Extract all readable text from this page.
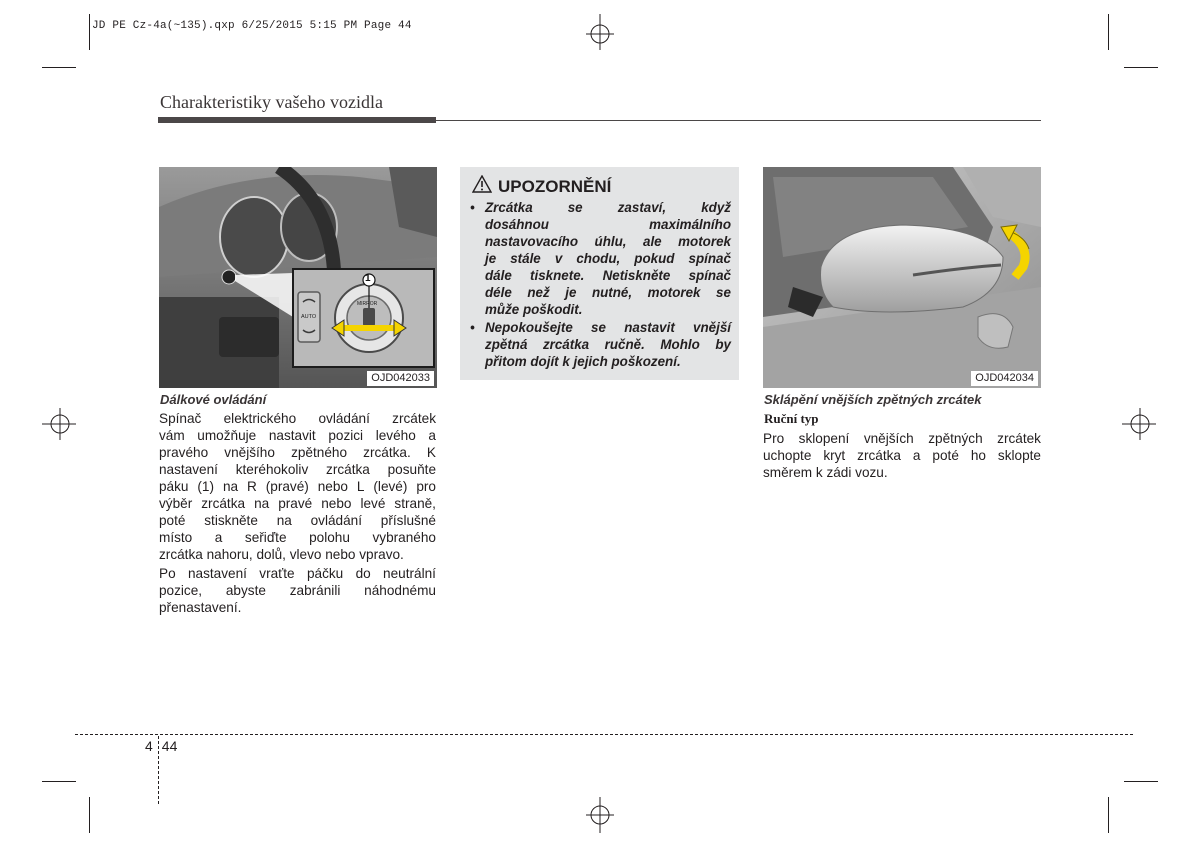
JD PE Cz-4a(~135).qxp 6/25/2015 5:15 PM Page 44
Charakteristiky vašeho vozidla
1
MIRROR
AUTO
OJD042033
Dálkové ovládání
Spínač elektrického ovládání zrcátek
vám umožňuje nastavit pozici levého a
pravého vnějšího zpětného zrcátka. K
nastavení kteréhokoliv zrcátka posuňte
páku (1) na R (pravé) nebo L (levé) pro
výběr zrcátka na pravé nebo levé straně,
poté stiskněte na ovládání příslušné
místo a seřiďte polohu vybraného
zrcátka nahoru, dolů, vlevo nebo vpravo.
Po nastavení vraťte páčku do neutrální
pozice, abyste zabránili náhodnému
přenastavení.
UPOZORNĚNÍ
• Zrcátka	se	zastaví,	když
dosáhnou	maximálního
nastavovacího úhlu, ale motorek
je stále v chodu, pokud spínač
dále tisknete. Netiskněte spínač
déle než je nutné, motorek se
může poškodit.
• Nepokoušejte se nastavit vnější
zpětná zrcátka ručně. Mohlo by
přitom dojít k jejich poškození.
OJD042034
Sklápění vnějších zpětných zrcátek
Ruční typ
Pro sklopení vnějších zpětných zrcátek
uchopte kryt zrcátka a poté ho sklopte
směrem k zádi vozu.
4 44
